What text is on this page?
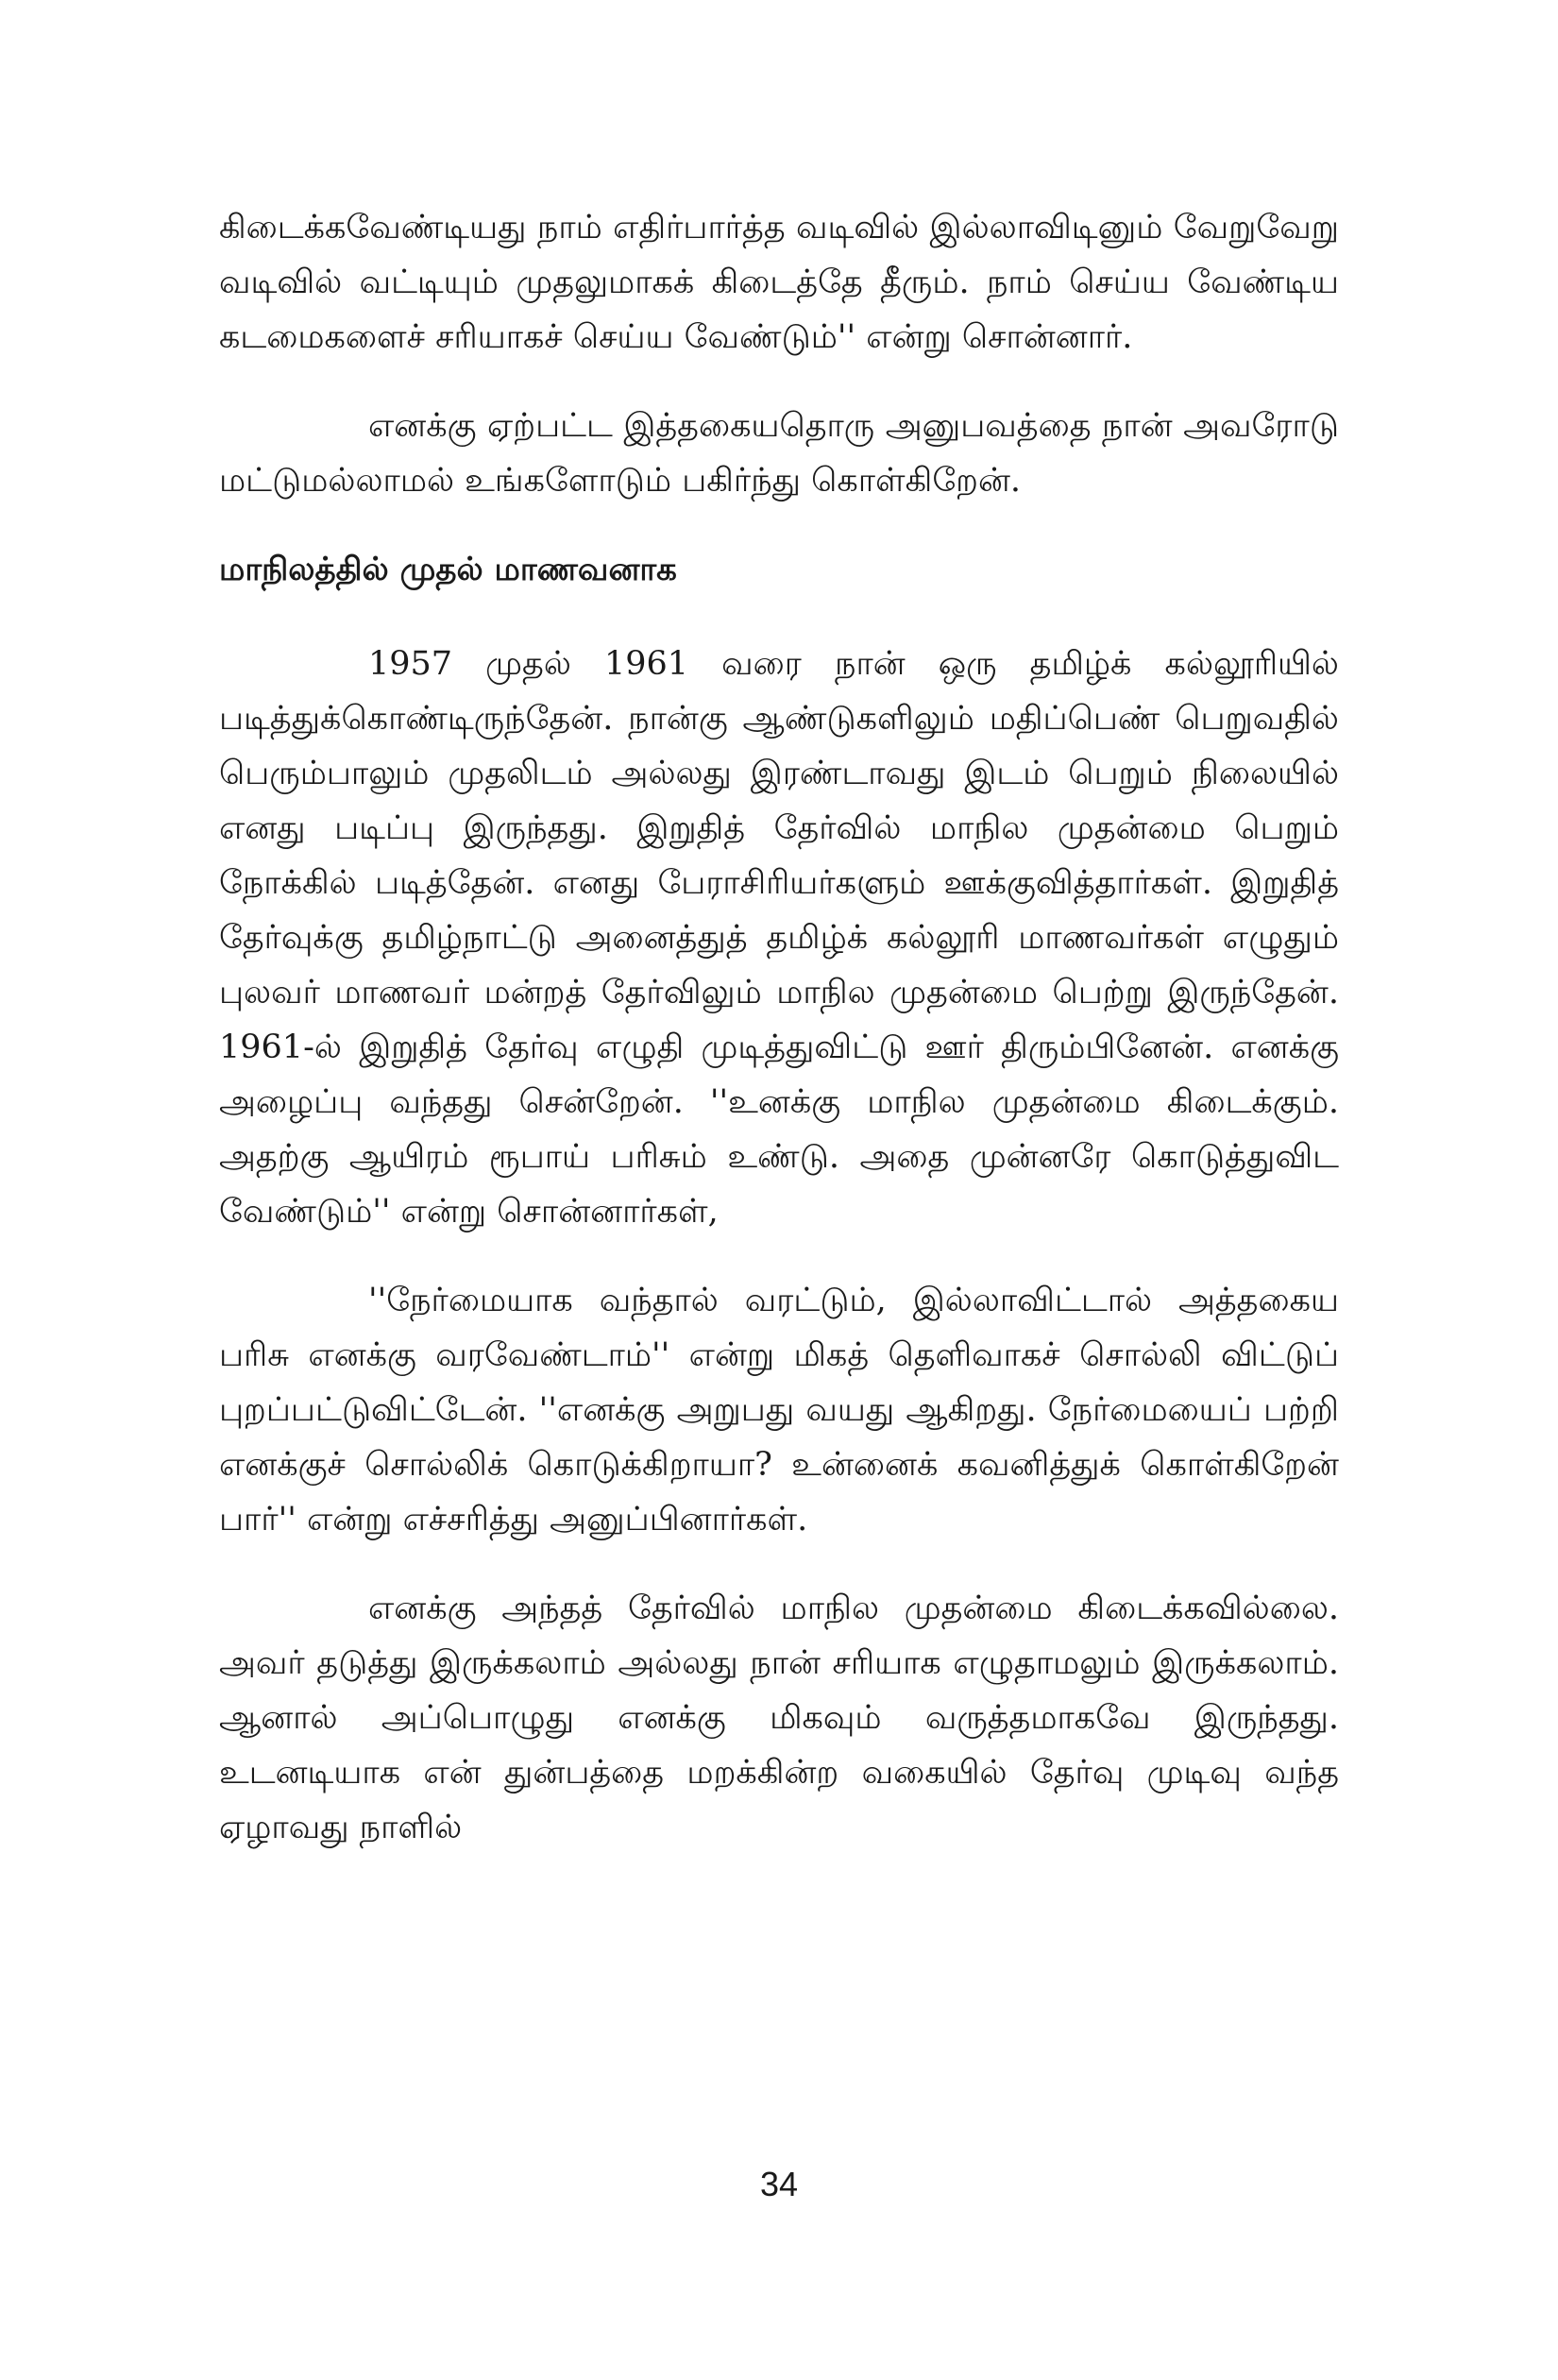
கிடைக்கவேண்டியது நாம் எதிர்பார்த்த வடிவில் இல்லாவிடினும் வேறுவேறு வடிவில் வட்டியும் முதலுமாகக் கிடைத்தே தீரும். நாம் செய்ய வேண்டிய கடமைகளைச் சரியாகச் செய்ய வேண்டும்'' என்று சொன்னார்.

எனக்கு ஏற்பட்ட இத்தகையதொரு அனுபவத்தை நான் அவரோடு மட்டுமல்லாமல் உங்களோடும் பகிர்ந்து கொள்கிறேன்.

மாநிலத்தில் முதல் மாணவனாக

1957 முதல் 1961 வரை நான் ஒரு தமிழ்க் கல்லூரியில் படித்துக்கொண்டிருந்தேன். நான்கு ஆண்டுகளிலும் மதிப்பெண் பெறுவதில் பெரும்பாலும் முதலிடம் அல்லது இரண்டாவது இடம் பெறும் நிலையில் எனது படிப்பு இருந்தது. இறுதித் தேர்வில் மாநில முதன்மை பெறும் நோக்கில் படித்தேன். எனது பேராசிரியர்களும் ஊக்குவித்தார்கள். இறுதித் தேர்வுக்கு தமிழ்நாட்டு அனைத்துத் தமிழ்க் கல்லூரி மாணவர்கள் எழுதும் புலவர் மாணவர் மன்றத் தேர்விலும் மாநில முதன்மை பெற்று இருந்தேன். 1961-ல் இறுதித் தேர்வு எழுதி முடித்துவிட்டு ஊர் திரும்பினேன். எனக்கு அழைப்பு வந்தது சென்றேன். ''உனக்கு மாநில முதன்மை கிடைக்கும். அதற்கு ஆயிரம் ரூபாய் பரிசும் உண்டு. அதை முன்னரே கொடுத்துவிட வேண்டும்'' என்று சொன்னார்கள்,

''நேர்மையாக வந்தால் வரட்டும், இல்லாவிட்டால் அத்தகைய பரிசு எனக்கு வரவேண்டாம்'' என்று மிகத் தெளிவாகச் சொல்லி விட்டுப் புறப்பட்டுவிட்டேன். ''எனக்கு அறுபது வயது ஆகிறது. நேர்மையைப் பற்றி எனக்குச் சொல்லிக் கொடுக்கிறாயா? உன்னைக் கவனித்துக் கொள்கிறேன் பார்'' என்று எச்சரித்து அனுப்பினார்கள்.

எனக்கு அந்தத் தேர்வில் மாநில முதன்மை கிடைக்கவில்லை. அவர் தடுத்து இருக்கலாம் அல்லது நான் சரியாக எழுதாமலும் இருக்கலாம். ஆனால் அப்பொழுது எனக்கு மிகவும் வருத்தமாகவே இருந்தது. உடனடியாக என் துன்பத்தை மறக்கின்ற வகையில் தேர்வு முடிவு வந்த ஏழாவது நாளில்

34
